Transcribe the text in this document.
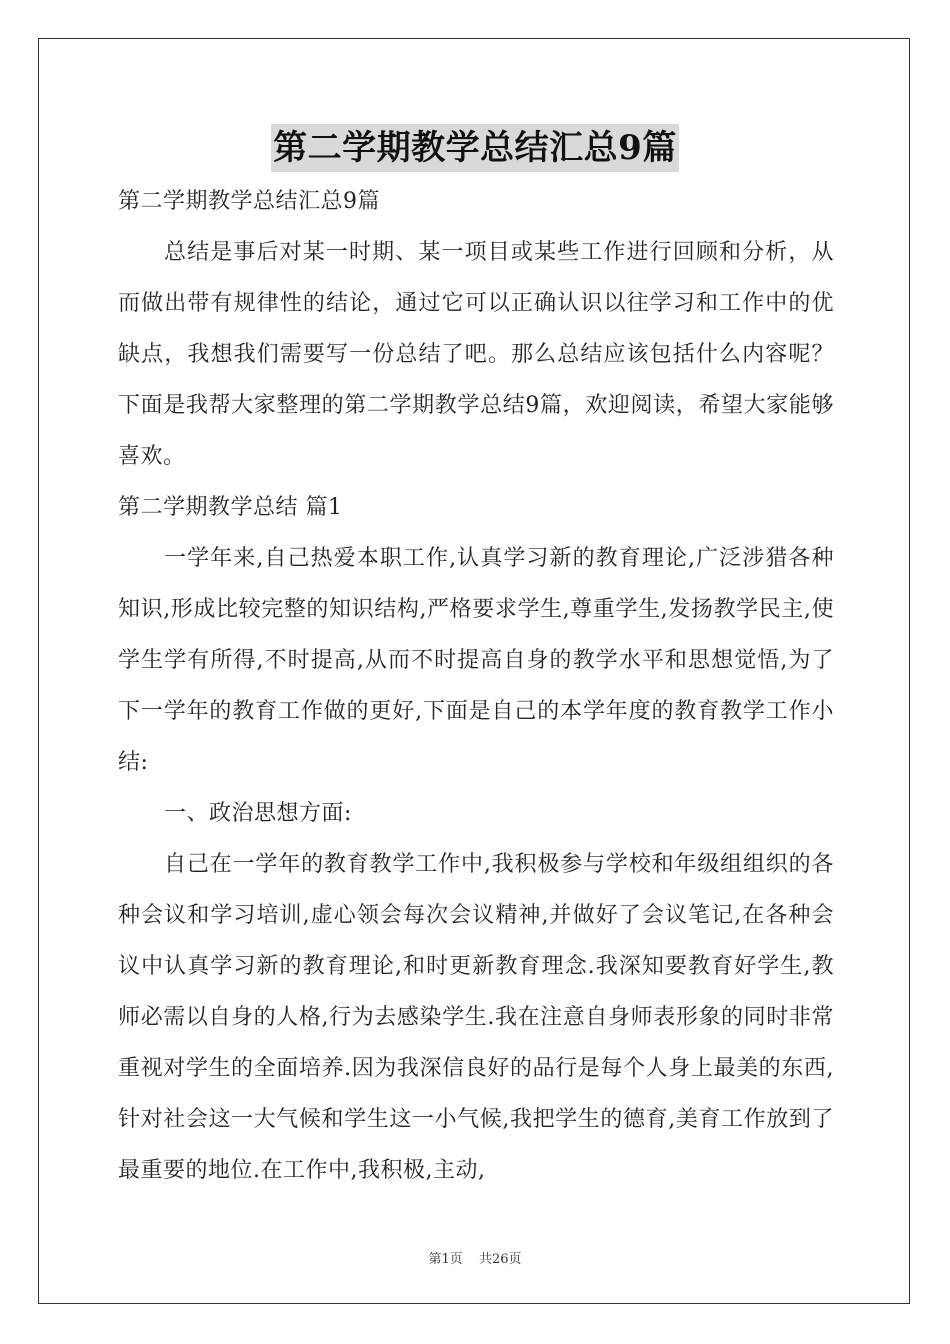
第二学期教学总结汇总9篇

第二学期教学总结汇总9篇

总结是事后对某一时期、某一项目或某些工作进行回顾和分析，从而做出带有规律性的结论，通过它可以正确认识以往学习和工作中的优缺点，我想我们需要写一份总结了吧。那么总结应该包括什么内容呢？下面是我帮大家整理的第二学期教学总结9篇，欢迎阅读，希望大家能够喜欢。

第二学期教学总结 篇1

一学年来,自己热爱本职工作,认真学习新的教育理论,广泛涉猎各种知识,形成比较完整的知识结构,严格要求学生,尊重学生,发扬教学民主,使学生学有所得,不时提高,从而不时提高自身的教学水平和思想觉悟,为了下一学年的教育工作做的更好,下面是自己的本学年度的教育教学工作小结:

一、政治思想方面:

自己在一学年的教育教学工作中,我积极参与学校和年级组组织的各种会议和学习培训,虚心领会每次会议精神,并做好了会议笔记,在各种会议中认真学习新的教育理论,和时更新教育理念.我深知要教育好学生,教师必需以自身的人格,行为去感染学生.我在注意自身师表形象的同时非常重视对学生的全面培养.因为我深信良好的品行是每个人身上最美的东西,针对社会这一大气候和学生这一小气候,我把学生的德育,美育工作放到了最重要的地位.在工作中,我积极,主动,

第1页 共26页
